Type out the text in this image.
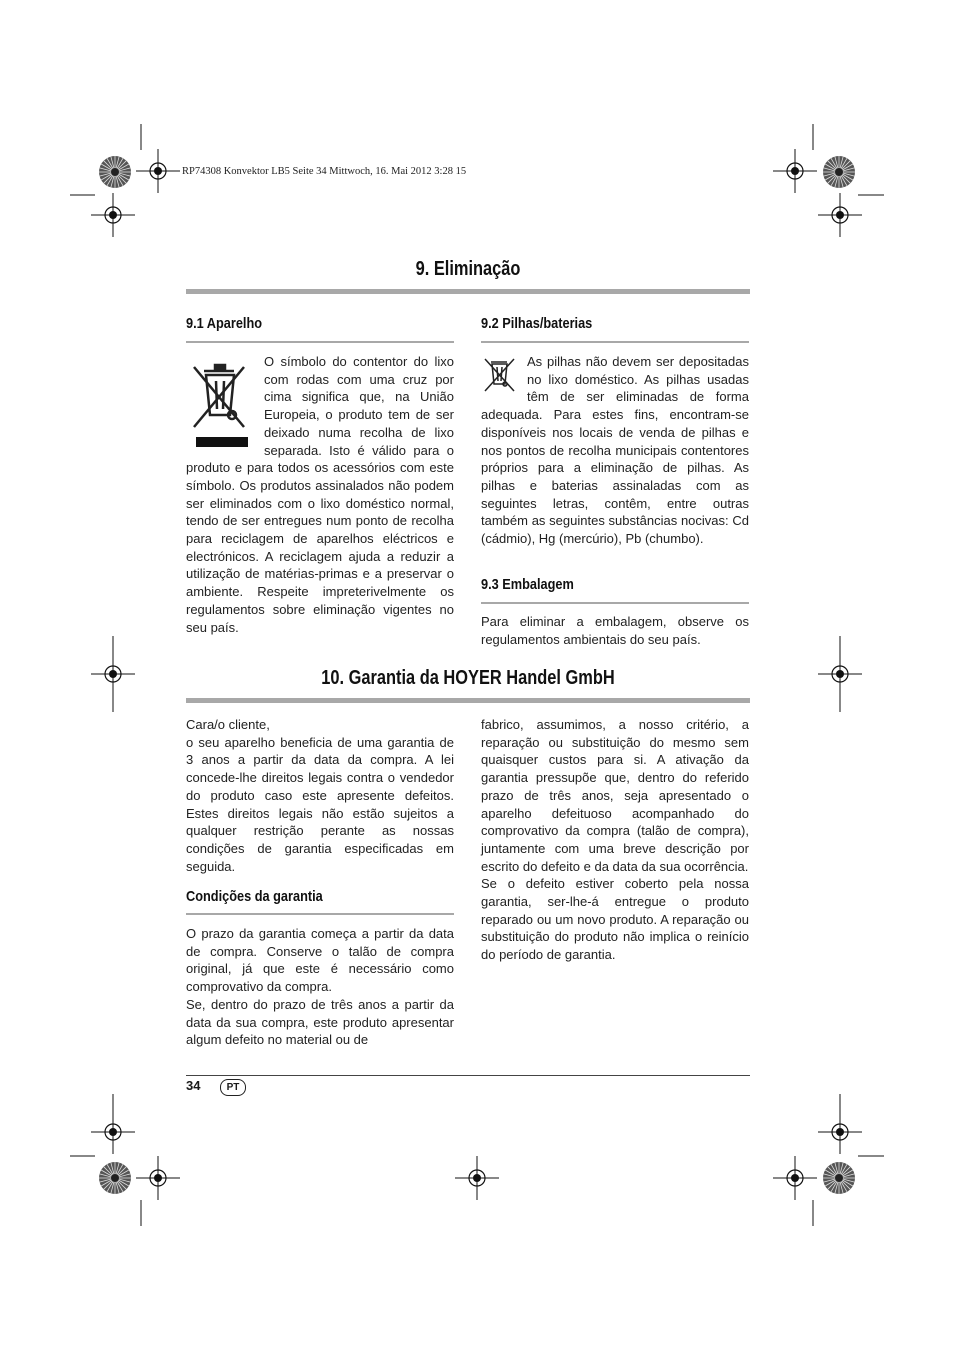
RP74308 Konvektor LB5 Seite 34 Mittwoch, 16. Mai 2012 3:28 15
9. Eliminação
9.1 Aparelho

O símbolo do contentor do lixo com rodas com uma cruz por cima significa que, na União Europeia, o produto tem de ser deixado numa recolha de lixo separada. Isto é válido para o produto e para todos os acessórios com este símbolo. Os produtos assinalados não podem ser eliminados com o lixo doméstico normal, tendo de ser entregues num ponto de recolha para reciclagem de aparelhos eléctricos e electrónicos. A reciclagem ajuda a reduzir a utilização de matérias-primas e a preservar o ambiente. Respeite impreterivelmente os regulamentos sobre eliminação vigentes no seu país.

9.2 Pilhas/baterias

As pilhas não devem ser depositadas no lixo doméstico. As pilhas usadas têm de ser eliminadas de forma adequada. Para estes fins, encontram-se disponíveis nos locais de venda de pilhas e nos pontos de recolha municipais contentores próprios para a eliminação de pilhas. As pilhas e baterias assinaladas com as seguintes letras, contêm, entre outras também as seguintes substâncias nocivas: Cd (cádmio), Hg (mercúrio), Pb (chumbo).

9.3 Embalagem

Para eliminar a embalagem, observe os regulamentos ambientais do seu país.

10. Garantia da HOYER Handel GmbH

Cara/o cliente,

o seu aparelho beneficia de uma garantia de 3 anos a partir da data da compra. A lei concede-lhe direitos legais contra o vendedor do produto caso este apresente defeitos. Estes direitos legais não estão sujeitos a qualquer restrição perante as nossas condições de garantia especificadas em seguida.

Condições da garantia

O prazo da garantia começa a partir da data de compra. Conserve o talão de compra original, já que este é necessário como comprovativo da compra.

Se, dentro do prazo de três anos a partir da data da sua compra, este produto apresentar algum defeito no material ou de

fabrico, assumimos, a nosso critério, a reparação ou substituição do mesmo sem quaisquer custos para si. A ativação da garantia pressupõe que, dentro do referido prazo de três anos, seja apresentado o aparelho defeituoso acompanhado do comprovativo da compra (talão de compra), juntamente com uma breve descrição por escrito do defeito e da data da sua ocorrência.

Se o defeito estiver coberto pela nossa garantia, ser-lhe-á entregue o produto reparado ou um novo produto. A reparação ou substituição do produto não implica o reinício do período de garantia.

34	PT
